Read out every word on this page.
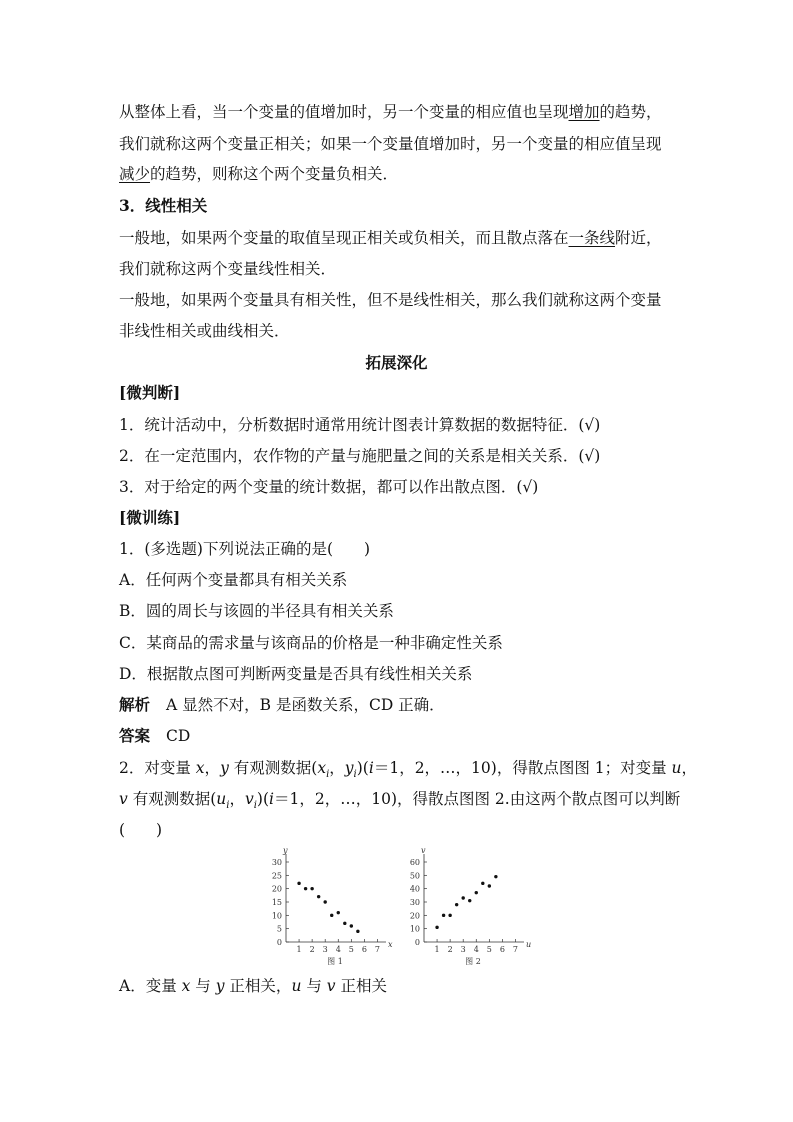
从整体上看，当一个变量的值增加时，另一个变量的相应值也呈现增加的趋势，
我们就称这两个变量正相关；如果一个变量值增加时，另一个变量的相应值呈现
减少的趋势，则称这个两个变量负相关．
3．线性相关
一般地，如果两个变量的取值呈现正相关或负相关，而且散点落在一条线附近，
我们就称这两个变量线性相关．
一般地，如果两个变量具有相关性，但不是线性相关，那么我们就称这两个变量
非线性相关或曲线相关．
拓展深化
[微判断]
1．统计活动中，分析数据时通常用统计图表计算数据的数据特征．(√)
2．在一定范围内，农作物的产量与施肥量之间的关系是相关关系．(√)
3．对于给定的两个变量的统计数据，都可以作出散点图．(√)
[微训练]
1．(多选题)下列说法正确的是(　　)
A．任何两个变量都具有相关关系
B．圆的周长与该圆的半径具有相关关系
C．某商品的需求量与该商品的价格是一种非确定性关系
D．根据散点图可判断两变量是否具有线性相关关系
解析 A 显然不对，B 是函数关系，CD 正确．
答案 CD
2．对变量 x，y 有观测数据($x_i$，$y_i)(i=1$，2，…，10)，得散点图图 1；对变量 u，
v 有观测数据($u_i$，$v_i)(i=1$，2，…，10)，得散点图图 2.由这两个散点图可以判断
(　　)
x
y
0
5
10
15
20
25
30
1 2 3 4 5 6 7
图 1
u
v
0
10
20
30
40
50
60
1 2 3 4 5 6 7
图 2
A．变量 x 与 y 正相关，u 与 v 正相关
